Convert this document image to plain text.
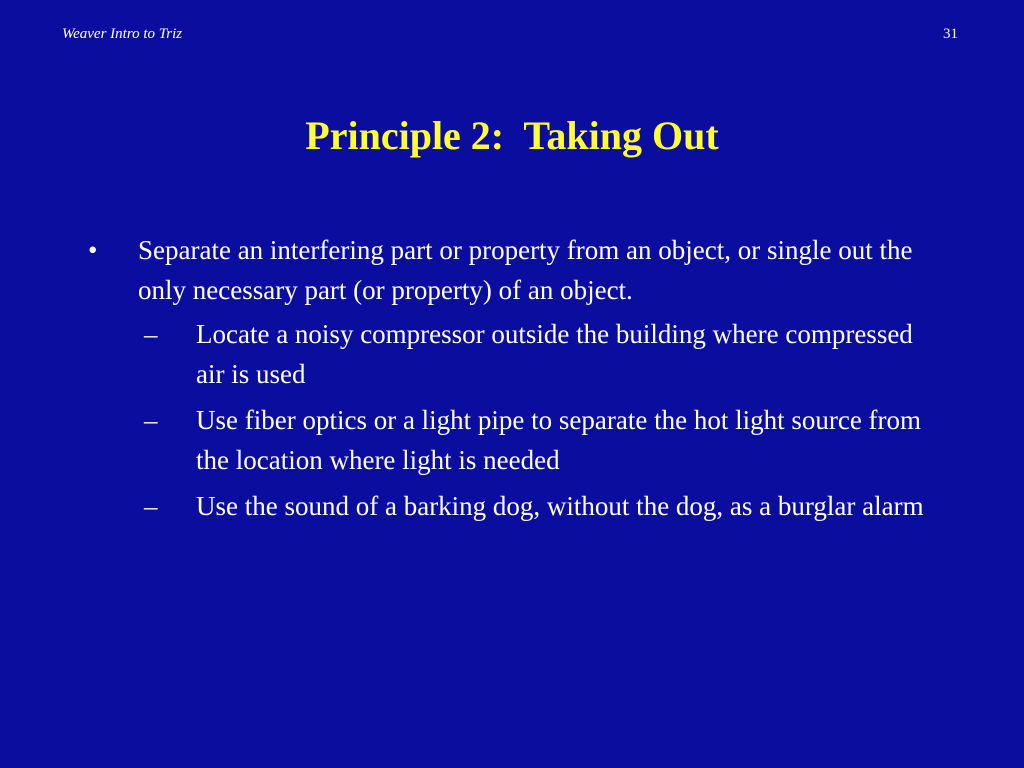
Weaver Intro to Triz	31
Principle 2:  Taking Out
• Separate an interfering part or property from an object, or single out the only necessary part (or property) of an object.
– Locate a noisy compressor outside the building where compressed air is used
– Use fiber optics or a light pipe to separate the hot light source from the location where light is needed
– Use the sound of a barking dog, without the dog, as a burglar alarm
